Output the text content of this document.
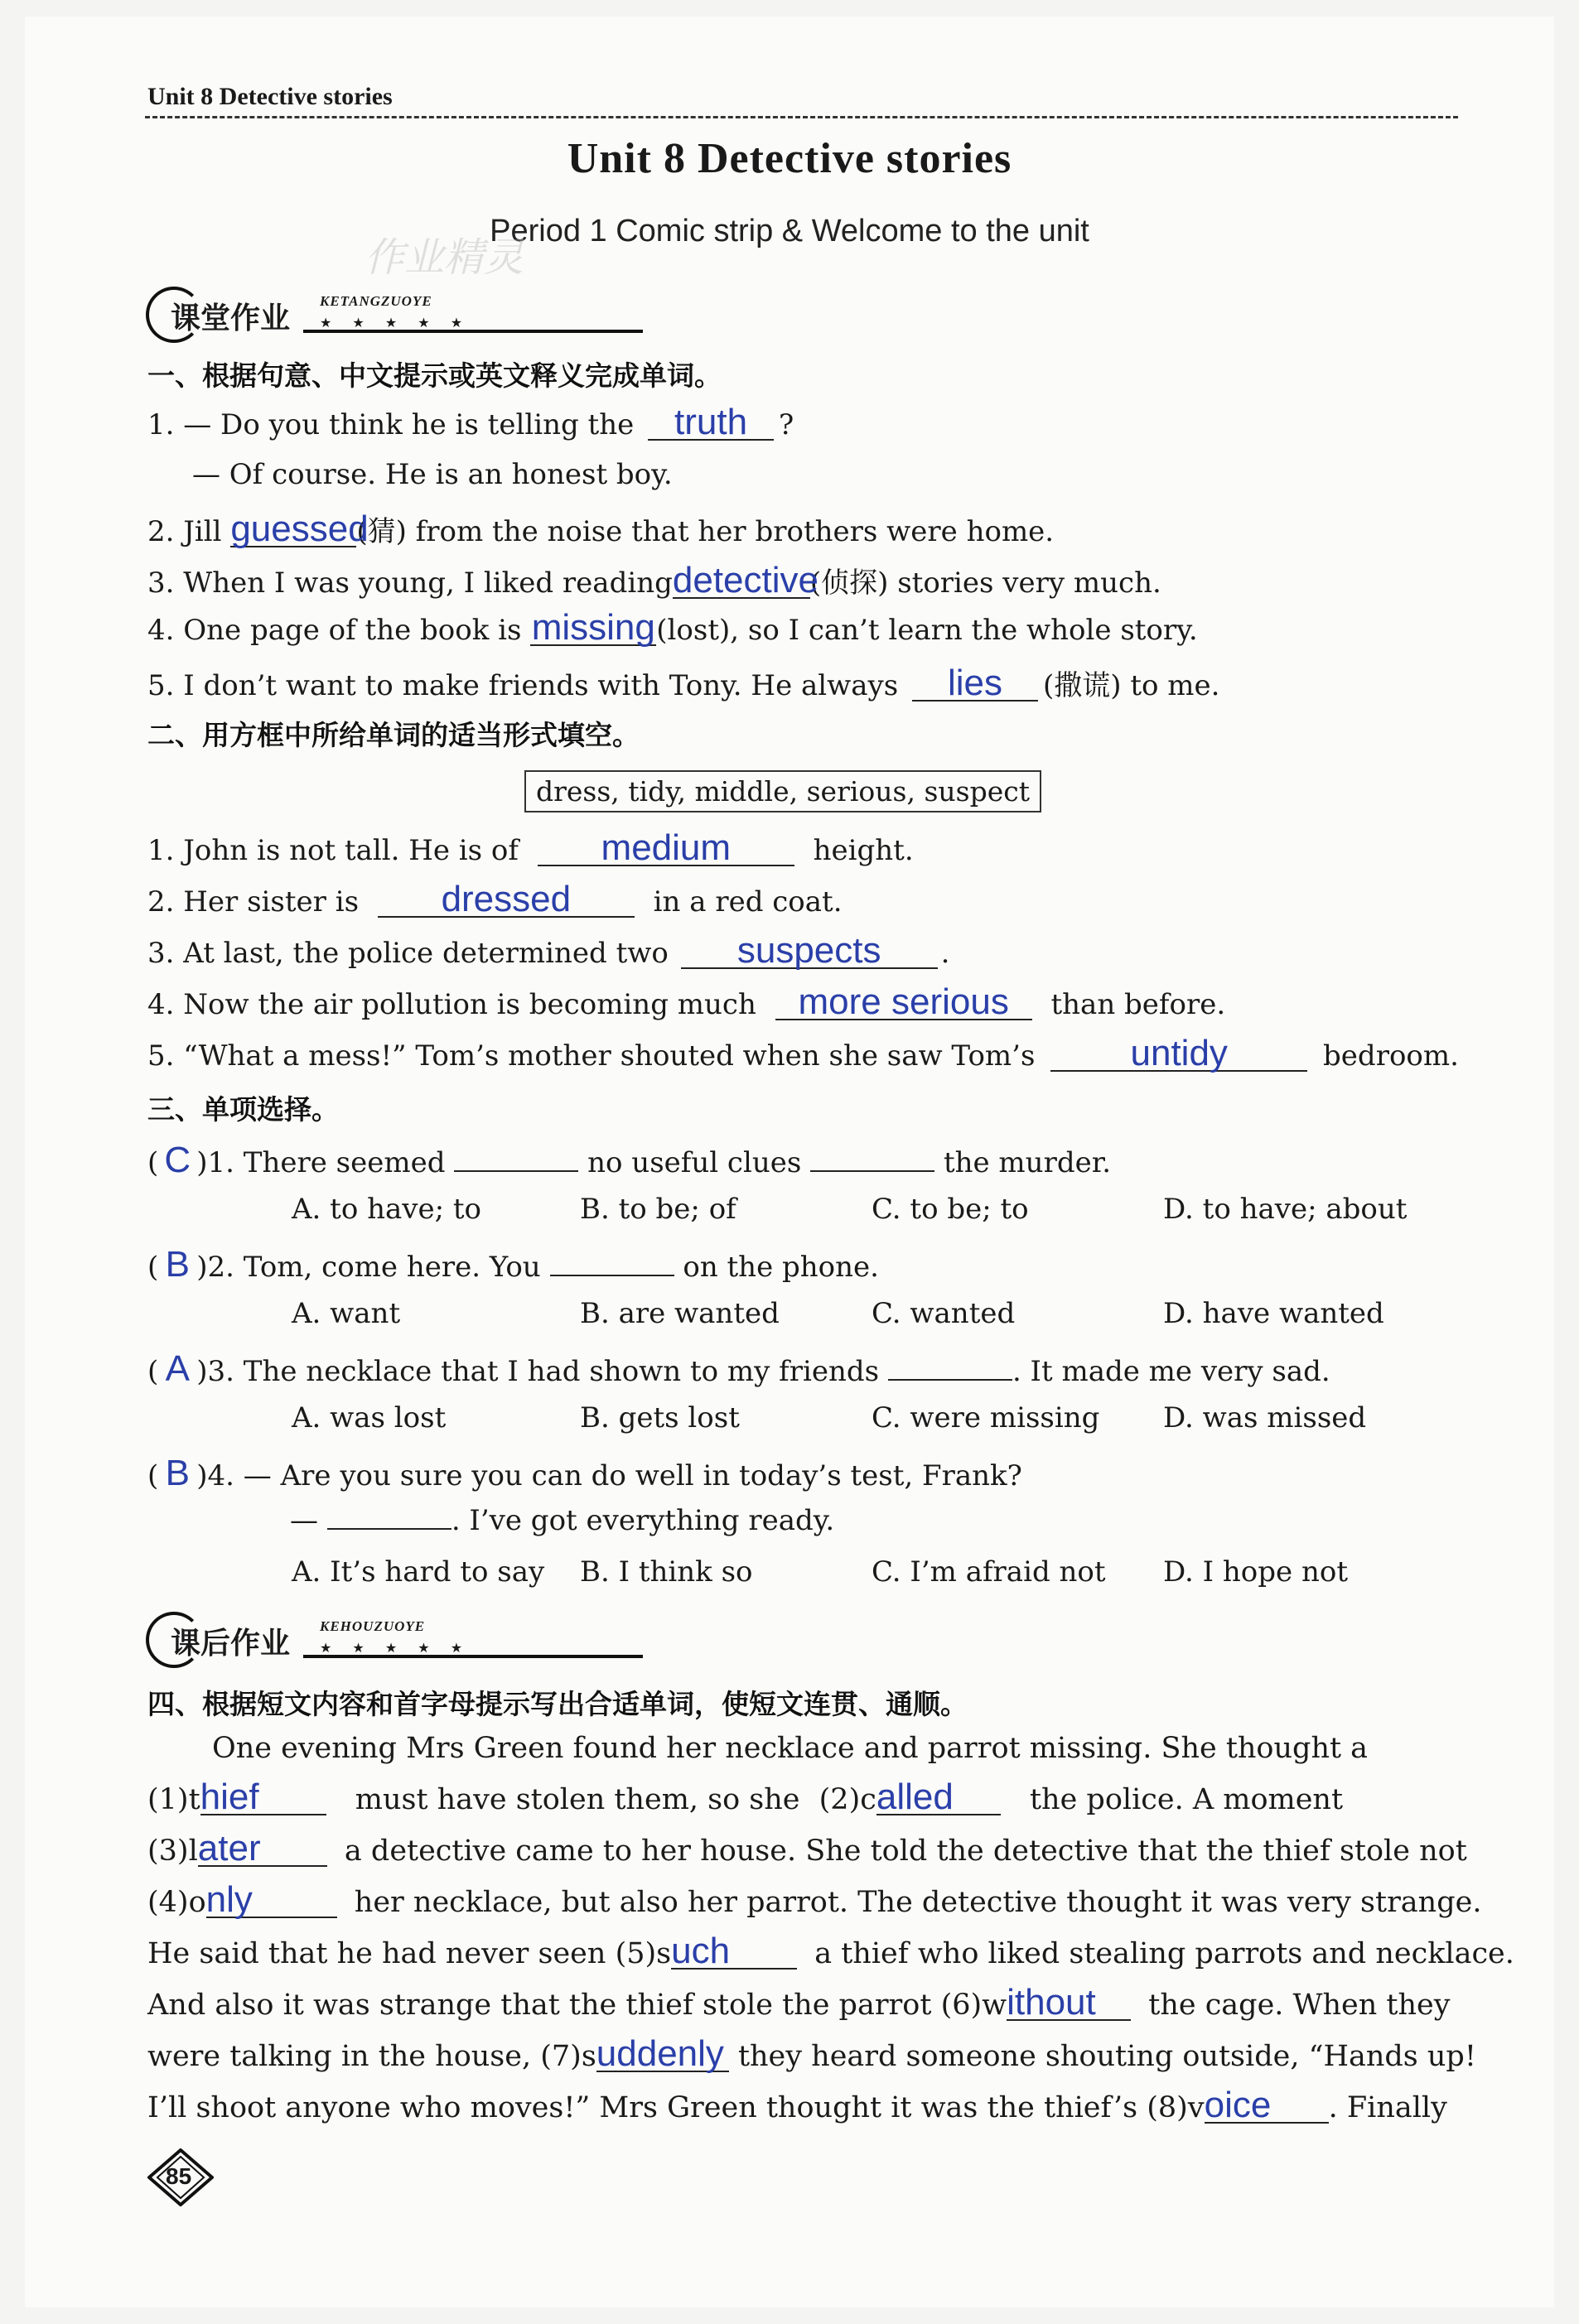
Unit 8 Detective stories
Unit 8 Detective stories
Period 1 Comic strip & Welcome to the unit
作业精灵
课堂作业
KETANGZUOYE
★ ★ ★ ★ ★
一、根据句意、中文提示或英文释义完成单词。
1. — Do you think he is telling the truth ?
— Of course. He is an honest boy.
2. Jill guessed(猜) from the noise that her brothers were home.
3. When I was young, I liked readingdetective(侦探) stories very much.
4. One page of the book is missing(lost), so I can’t learn the whole story.
5. I don’t want to make friends with Tony. He always lies (撒谎) to me.
二、用方框中所给单词的适当形式填空。
dress, tidy, middle, serious, suspect
1. John is not tall. He is of medium	height.
2. Her sister is dressed	in a red coat.
3. At last, the police determined two suspects .
4. Now the air pollution is becoming much more serious than before.
5. “What a mess!” Tom’s mother shouted when she saw Tom’s	untidy	bedroom.
三、单项选择。
( C )1. There seemed	no useful clues	the murder.
A. to have; to	B. to be; of	C. to be; to	D. to have; about
( B )2. Tom, come here. You	on the phone.
A. want	B. are wanted	C. wanted	D. have wanted
( A )3. The necklace that I had shown to my friends	. It made me very sad.
A. was lost	B. gets lost	C. were missing D. was missed
( B )4. — Are you sure you can do well in today’s test, Frank?
—	. I’ve got everything ready.
A. It’s hard to say B. I think so	C. I’m afraid not D. I hope not
课后作业
KEHOUZUOYE
★ ★ ★ ★ ★
四、根据短文内容和首字母提示写出合适单词，使短文连贯、通顺。
One evening Mrs Green found her necklace and parrot missing. She thought a
(1)thief	must have stolen them, so she (2)called	the police. A moment
(3)later	a detective came to her house. She told the detective that the thief stole not
(4)only	her necklace, but also her parrot. The detective thought it was very strange.
He said that he had never seen (5)such	a thief who liked stealing parrots and necklace.
And also it was strange that the thief stole the parrot (6)without the cage. When they
were talking in the house, (7)suddenly they heard someone shouting outside, “Hands up!
I’ll shoot anyone who moves!” Mrs Green thought it was the thief’s (8)voice . Finally
85
